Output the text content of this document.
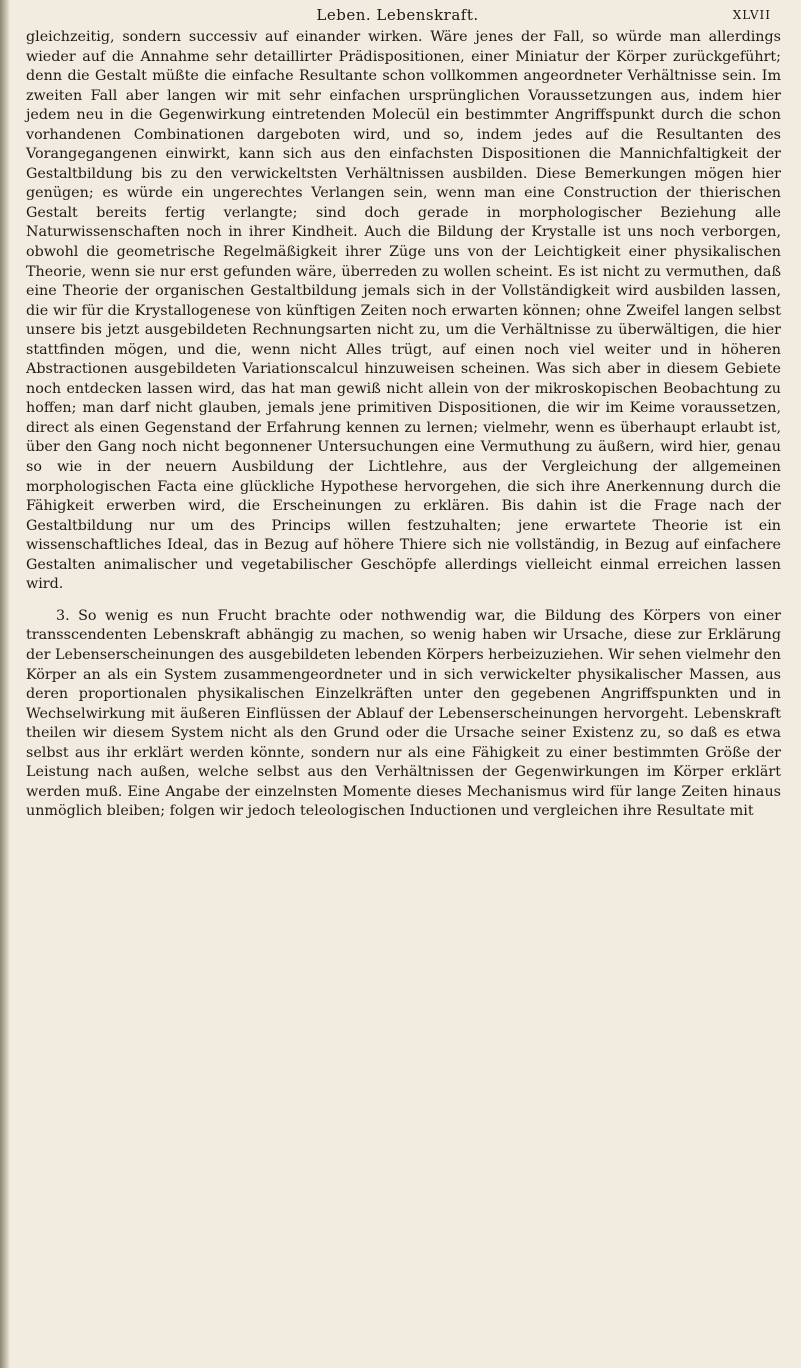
Leben. Lebenskraft.	XLVII

gleichzeitig, sondern successiv auf einander wirken. Wäre jenes der Fall, so würde man allerdings wieder auf die Annahme sehr detaillirter Prädispositionen, einer Miniatur der Körper zurückgeführt; denn die Gestalt müßte die einfache Resultante schon vollkommen angeordneter Verhältnisse sein. Im zweiten Fall aber langen wir mit sehr einfachen ursprünglichen Voraussetzungen aus, indem hier jedem neu in die Gegenwirkung eintretenden Molecül ein bestimmter Angriffspunkt durch die schon vorhandenen Combinationen dargeboten wird, und so, indem jedes auf die Resultanten des Vorangegangenen einwirkt, kann sich aus den einfachsten Dispositionen die Mannichfaltigkeit der Gestaltbildung bis zu den verwickeltsten Verhältnissen ausbilden. Diese Bemerkungen mögen hier genügen; es würde ein ungerechtes Verlangen sein, wenn man eine Construction der thierischen Gestalt bereits fertig verlangte; sind doch gerade in morphologischer Beziehung alle Naturwissenschaften noch in ihrer Kindheit. Auch die Bildung der Krystalle ist uns noch verborgen, obwohl die geometrische Regelmäßigkeit ihrer Züge uns von der Leichtigkeit einer physikalischen Theorie, wenn sie nur erst gefunden wäre, überreden zu wollen scheint. Es ist nicht zu vermuthen, daß eine Theorie der organischen Gestaltbildung jemals sich in der Vollständigkeit wird ausbilden lassen, die wir für die Krystallogenese von künftigen Zeiten noch erwarten können; ohne Zweifel langen selbst unsere bis jetzt ausgebildeten Rechnungsarten nicht zu, um die Verhältnisse zu überwältigen, die hier stattfinden mögen, und die, wenn nicht Alles trügt, auf einen noch viel weiter und in höheren Abstractionen ausgebildeten Variationscalcul hinzuweisen scheinen. Was sich aber in diesem Gebiete noch entdecken lassen wird, das hat man gewiß nicht allein von der mikroskopischen Beobachtung zu hoffen; man darf nicht glauben, jemals jene primitiven Dispositionen, die wir im Keime voraussetzen, direct als einen Gegenstand der Erfahrung kennen zu lernen; vielmehr, wenn es überhaupt erlaubt ist, über den Gang noch nicht begonnener Untersuchungen eine Vermuthung zu äußern, wird hier, genau so wie in der neuern Ausbildung der Lichtlehre, aus der Vergleichung der allgemeinen morphologischen Facta eine glückliche Hypothese hervorgehen, die sich ihre Anerkennung durch die Fähigkeit erwerben wird, die Erscheinungen zu erklären. Bis dahin ist die Frage nach der Gestaltbildung nur um des Princips willen festzuhalten; jene erwartete Theorie ist ein wissenschaftliches Ideal, das in Bezug auf höhere Thiere sich nie vollständig, in Bezug auf einfachere Gestalten animalischer und vegetabilischer Geschöpfe allerdings vielleicht einmal erreichen lassen wird.

3. So wenig es nun Frucht brachte oder nothwendig war, die Bildung des Körpers von einer transscendenten Lebenskraft abhängig zu machen, so wenig haben wir Ursache, diese zur Erklärung der Lebenserscheinungen des ausgebildeten lebenden Körpers herbeizuziehen. Wir sehen vielmehr den Körper an als ein System zusammengeordneter und in sich verwickelter physikalischer Massen, aus deren proportionalen physikalischen Einzelkräften unter den gegebenen Angriffspunkten und in Wechselwirkung mit äußeren Einflüssen der Ablauf der Lebenserscheinungen hervorgeht. Lebenskraft theilen wir diesem System nicht als den Grund oder die Ursache seiner Existenz zu, so daß es etwa selbst aus ihr erklärt werden könnte, sondern nur als eine Fähigkeit zu einer bestimmten Größe der Leistung nach außen, welche selbst aus den Verhältnissen der Gegenwirkungen im Körper erklärt werden muß. Eine Angabe der einzelnsten Momente dieses Mechanismus wird für lange Zeiten hinaus unmöglich bleiben; folgen wir jedoch teleologischen Inductionen und vergleichen ihre Resultate mit
